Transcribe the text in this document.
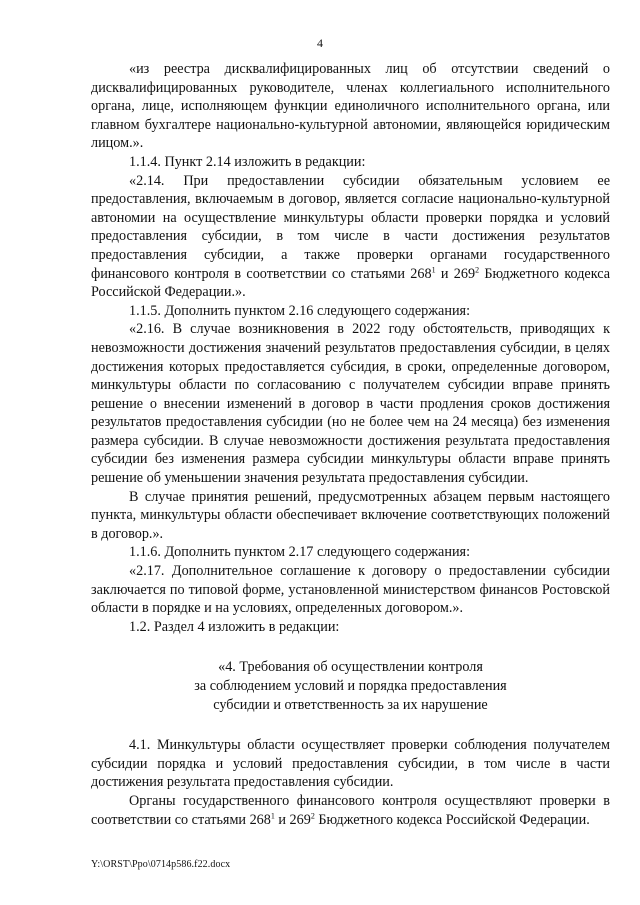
4

«из реестра дисквалифицированных лиц об отсутствии сведений о дисквалифицированных руководителе, членах коллегиального исполнительного органа, лице, исполняющем функции единоличного исполнительного органа, или главном бухгалтере национально-культурной автономии, являющейся юридическим лицом.».

1.1.4. Пункт 2.14 изложить в редакции:

«2.14. При предоставлении субсидии обязательным условием ее предоставления, включаемым в договор, является согласие национально-культурной автономии на осуществление минкультуры области проверки порядка и условий предоставления субсидии, в том числе в части достижения результатов предоставления субсидии, а также проверки органами государственного финансового контроля в соответствии со статьями $268^1$ и $269^2$ Бюджетного кодекса Российской Федерации.».

1.1.5. Дополнить пунктом 2.16 следующего содержания:

«2.16. В случае возникновения в 2022 году обстоятельств, приводящих к невозможности достижения значений результатов предоставления субсидии, в целях достижения которых предоставляется субсидия, в сроки, определенные договором, минкультуры области по согласованию с получателем субсидии вправе принять решение о внесении изменений в договор в части продления сроков достижения результатов предоставления субсидии (но не более чем на 24 месяца) без изменения размера субсидии. В случае невозможности достижения результата предоставления субсидии без изменения размера субсидии минкультуры области вправе принять решение об уменьшении значения результата предоставления субсидии.

В случае принятия решений, предусмотренных абзацем первым настоящего пункта, минкультуры области обеспечивает включение соответствующих положений в договор.».

1.1.6. Дополнить пунктом 2.17 следующего содержания:

«2.17. Дополнительное соглашение к договору о предоставлении субсидии заключается по типовой форме, установленной министерством финансов Ростовской области в порядке и на условиях, определенных договором.».

1.2. Раздел 4 изложить в редакции:

«4. Требования об осуществлении контроля
за соблюдением условий и порядка предоставления
субсидии и ответственность за их нарушение

4.1. Минкультуры области осуществляет проверки соблюдения получателем субсидии порядка и условий предоставления субсидии, в том числе в части достижения результата предоставления субсидии.

Органы государственного финансового контроля осуществляют проверки в соответствии со статьями $268^1$ и $269^2$ Бюджетного кодекса Российской Федерации.

Y:\ORST\Ppo\0714p586.f22.docx
